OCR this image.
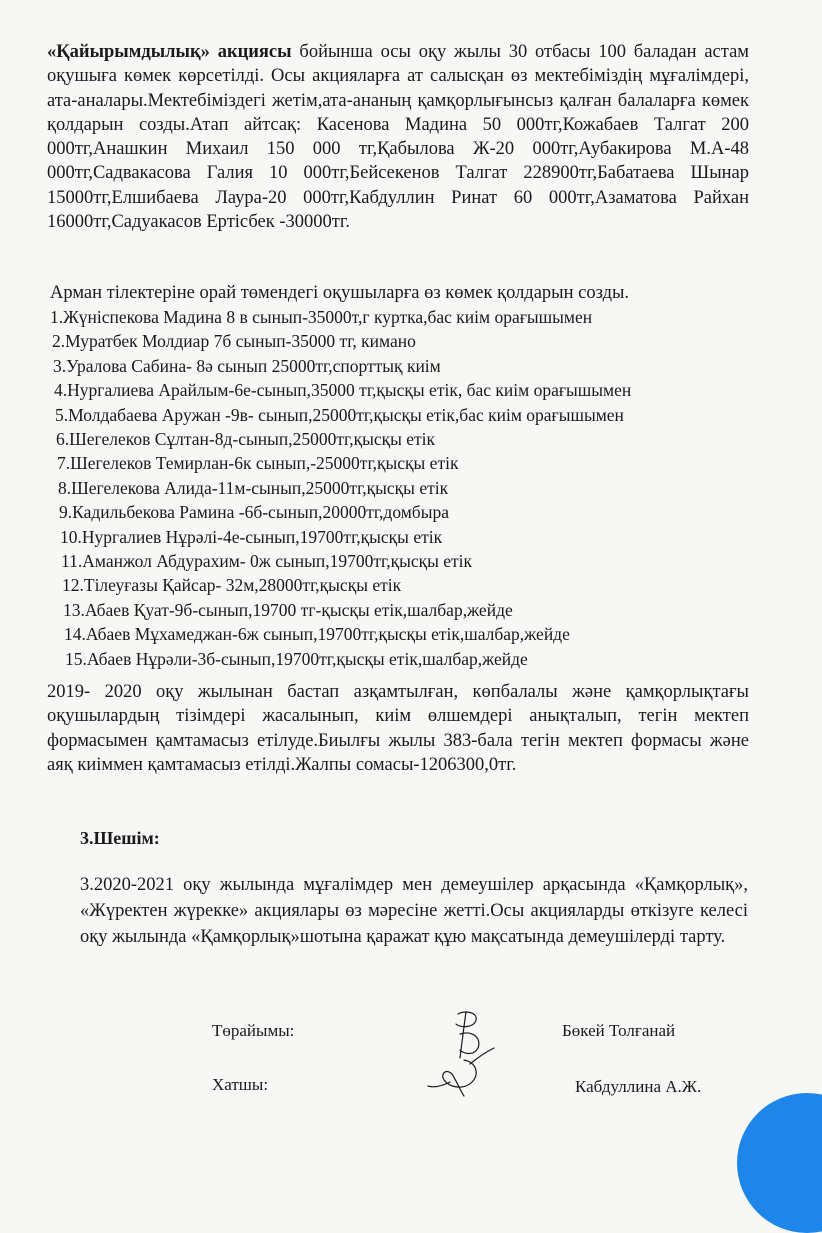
«Қайырымдылық» акциясы бойынша осы оқу жылы 30 отбасы 100 баладан астам оқушыға көмек көрсетілді. Осы акцияларға ат салысқан өз мектебіміздің мұғалімдері, ата-аналары.Мектебіміздегі жетім,ата-ананың қамқорлығынсыз қалған балаларға көмек қолдарын созды.Атап айтсақ: Касенова Мадина 50 000тг,Кожабаев Талгат 200 000тг,Анашкин Михаил 150 000 тг,Қабылова Ж-20 000тг,Аубакирова М.А-48 000тг,Садвакасова Галия 10 000тг,Бейсекенов Талгат 228900тг,Бабатаева Шынар 15000тг,Елшибаева Лаура-20 000тг,Кабдуллин Ринат 60 000тг,Азаматова Райхан 16000тг,Садуакасов Ертісбек -30000тг.

Арман тілектеріне орай төмендегі оқушыларға өз көмек қолдарын созды.
1.Жүніспекова Мадина 8 в сынып-35000т,г куртка,бас киім орағышымен
2.Муратбек Молдиар 7б сынып-35000 тг, кимано
3.Уралова Сабина- 8ә сынып 25000тг,спорттық киім
4.Нургалиева Арайлым-6е-сынып,35000 тг,қысқы етік, бас киім орағышымен
5.Молдабаева Аружан -9в- сынып,25000тг,қысқы етік,бас киім орағышымен
6.Шегелеков Сұлтан-8д-сынып,25000тг,қысқы етік
7.Шегелеков Темирлан-6к сынып,-25000тг,қысқы етік
8.Шегелекова Алида-11м-сынып,25000тг,қысқы етік
9.Кадильбекова Рамина -6б-сынып,20000тг,домбыра
10.Нургалиев Нұрәлі-4е-сынып,19700тг,қысқы етік
11.Аманжол Абдурахим- 0ж сынып,19700тг,қысқы етік
12.Тілеуғазы Қайсар- 32м,28000тг,қысқы етік
13.Абаев Қуат-9б-сынып,19700 тг-қысқы етік,шалбар,жейде
14.Абаев Мұхамеджан-6ж сынып,19700тг,қысқы етік,шалбар,жейде
15.Абаев Нұрәли-3б-сынып,19700тг,қысқы етік,шалбар,жейде

2019- 2020 оқу жылынан бастап азқамтылған, көпбалалы және қамқорлықтағы оқушылардың тізімдері жасалынып, киім өлшемдері анықталып, тегін мектеп формасымен қамтамасыз етілуде.Биылғы жылы 383-бала тегін мектеп формасы және аяқ киіммен қамтамасыз етілді.Жалпы сомасы-1206300,0тг.

3.Шешім:

3.2020-2021 оқу жылында мұғалімдер мен демеушілер арқасында «Қамқорлық», «Жүректен жүрекке» акциялары өз мәресіне жетті.Осы акцияларды өткізуге келесі оқу жылында «Қамқорлық»шотына қаражат құю мақсатында демеушілерді тарту.

Төрайымы:	Бөкей Толғанай
Хатшы:	Кабдуллина А.Ж.
